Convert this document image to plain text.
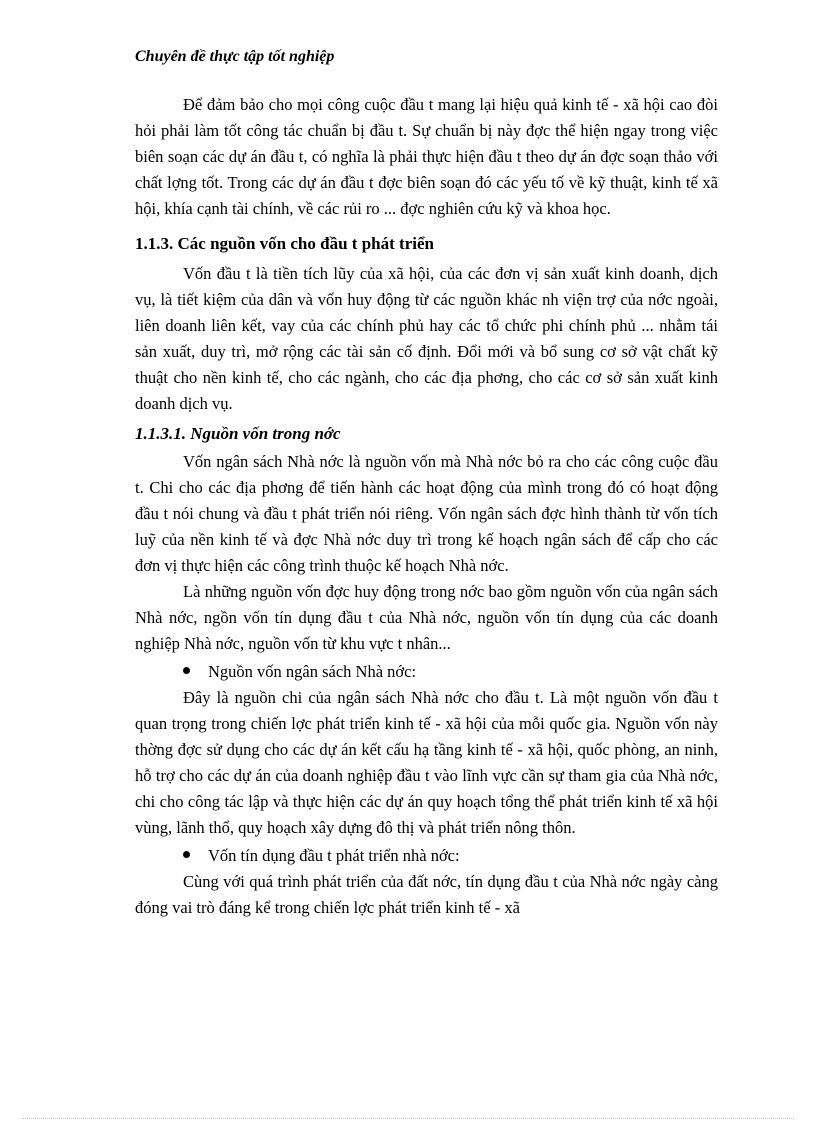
Chuyên đề thực tập tốt nghiệp

Để đảm bảo cho mọi công cuộc đầu t mang lại hiệu quả kinh tế - xã hội cao đòi hỏi phải làm tốt công tác chuẩn bị đầu t. Sự chuẩn bị này đợc thể hiện ngay trong việc biên soạn các dự án đầu t, có nghĩa là phải thực hiện đầu t theo dự án đợc soạn thảo với chất lợng tốt. Trong các dự án đầu t đợc biên soạn đó các yếu tố về kỹ thuật, kinh tế xã hội, khía cạnh tài chính, về các rủi ro ... đợc nghiên cứu kỹ và khoa học.

1.1.3. Các nguồn vốn cho đầu t phát triển

Vốn đầu t là tiền tích lũy của xã hội, của các đơn vị sản xuất kinh doanh, dịch vụ, là tiết kiệm của dân và vốn huy động từ các nguồn khác nh viện trợ của nớc ngoài, liên doanh liên kết, vay của các chính phủ hay các tổ chức phi chính phủ ... nhằm tái sản xuất, duy trì, mở rộng các tài sản cố định. Đổi mới và bổ sung cơ sở vật chất kỹ thuật cho nền kinh tế, cho các ngành, cho các địa phơng, cho các cơ sở sản xuất kinh doanh dịch vụ.

1.1.3.1. Nguồn vốn trong nớc

Vốn ngân sách Nhà nớc là nguồn vốn mà Nhà nớc bỏ ra cho các công cuộc đầu t. Chi cho các địa phơng để tiến hành các hoạt động của mình trong đó có hoạt động đầu t nói chung và đầu t phát triển nói riêng. Vốn ngân sách đợc hình thành từ vốn tích luỹ của nền kinh tế và đợc Nhà nớc duy trì trong kế hoạch ngân sách để cấp cho các đơn vị thực hiện các công trình thuộc kế hoạch Nhà nớc.

Là những nguồn vốn đợc huy động trong nớc bao gồm nguồn vốn của ngân sách Nhà nớc, ngồn vốn tín dụng đầu t của Nhà nớc, nguồn vốn tín dụng của các doanh nghiệp Nhà nớc, nguồn vốn từ khu vực t nhân...

Nguồn vốn ngân sách Nhà nớc:

Đây là nguồn chi của ngân sách Nhà nớc cho đầu t. Là một nguồn vốn đầu t quan trọng trong chiến lợc phát triển kinh tế - xã hội của mỗi quốc gia. Nguồn vốn này thờng đợc sử dụng cho các dự án kết cấu hạ tầng kinh tế - xã hội, quốc phòng, an ninh, hỗ trợ cho các dự án của doanh nghiệp đầu t vào lĩnh vực cần sự tham gia của Nhà nớc, chi cho công tác lập và thực hiện các dự án quy hoạch tổng thể phát triển kinh tế xã hội vùng, lãnh thổ, quy hoạch xây dựng đô thị và phát triển nông thôn.

Vốn tín dụng đầu t phát triển nhà nớc:

Cùng với quá trình phát triển của đất nớc, tín dụng đầu t của Nhà nớc ngày càng đóng vai trò đáng kể trong chiến lợc phát triển kinh tế - xã
